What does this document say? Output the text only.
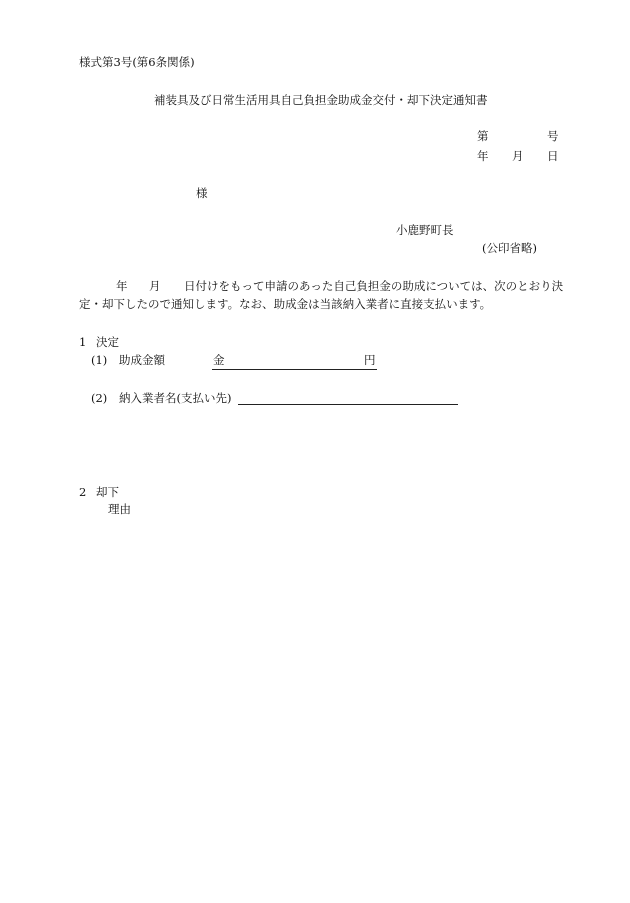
様式第3号(第6条関係)
補装具及び日常生活用具自己負担金助成金交付・却下決定通知書
第	号
年 月 日
様
小鹿野町長
(公印省略)
年 月 日付けをもって申請のあった自己負担金の助成については、次のとおり決
定・却下したので通知します。なお、助成金は当該納入業者に直接支払います。
1 決定
(1) 助成金額	金	円
(2) 納入業者名(支払い先)
2 却下
理由
